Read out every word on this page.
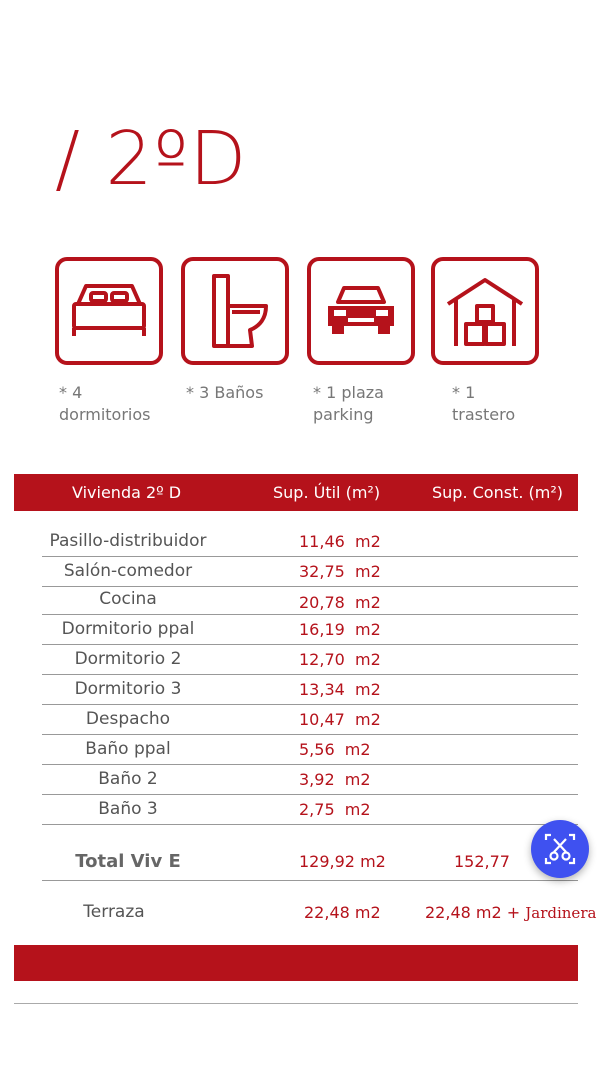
/ 2ºD
* 4
dormitorios
* 3 Baños	* 1 plaza
parking
* 1
trastero
Vivienda 2º D	Sup. Útil (m²)	Sup. Const. (m²)
Pasillo-distribuidor	11,46  m2
Salón-comedor	32,75  m2
Cocina	20,78  m2
Dormitorio ppal	16,19  m2
Dormitorio 2	12,70  m2
Dormitorio 3	13,34  m2
Despacho	10,47  m2
Baño ppal	5,56  m2
Baño 2	3,92  m2
Baño 3	2,75  m2
Total Viv E	129,92 m2	152,77
Terraza	22,48 m2	22,48 m2 + Jardinera
